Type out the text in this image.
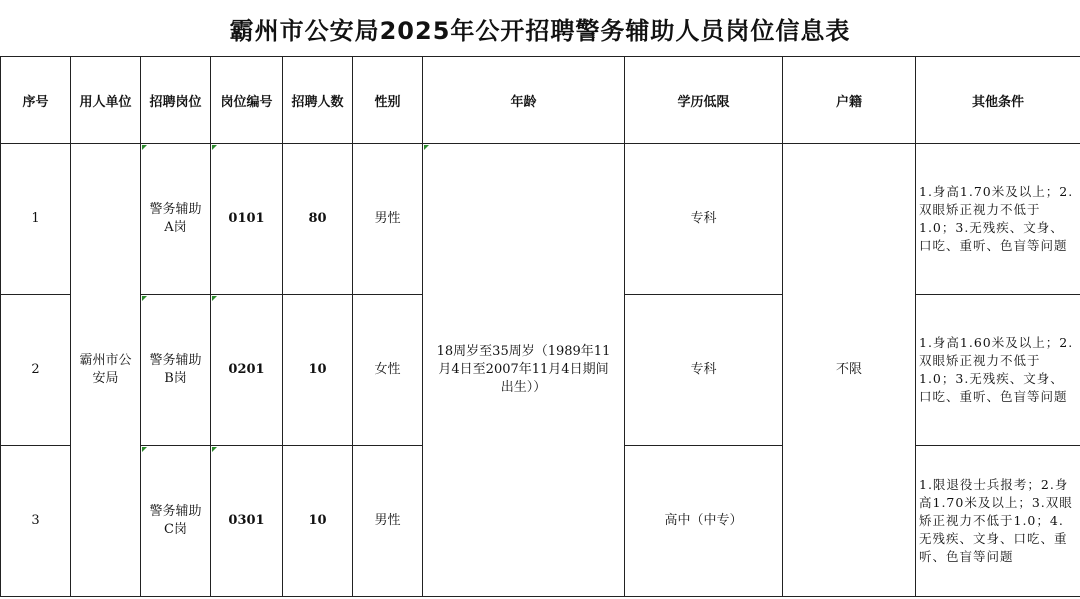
霸州市公安局2025年公开招聘警务辅助人员岗位信息表
序号	用人单位	招聘岗位	岗位编号	招聘人数	性别	年龄	学历低限	户籍	其他条件
1	霸州市公安局	警务辅助A岗	0101	80	男性	18周岁至35周岁（1989年11月4日至2007年11月4日期间出生））	专科	不限	1.身高1.70米及以上；2.双眼矫正视力不低于1.0；3.无残疾、文身、口吃、重听、色盲等问题
2		警务辅助B岗	0201	10	女性		专科		1.身高1.60米及以上；2.双眼矫正视力不低于1.0；3.无残疾、文身、口吃、重听、色盲等问题
3		警务辅助C岗	0301	10	男性		高中（中专）		1.限退役士兵报考；2.身高1.70米及以上；3.双眼矫正视力不低于1.0；4.无残疾、文身、口吃、重听、色盲等问题
